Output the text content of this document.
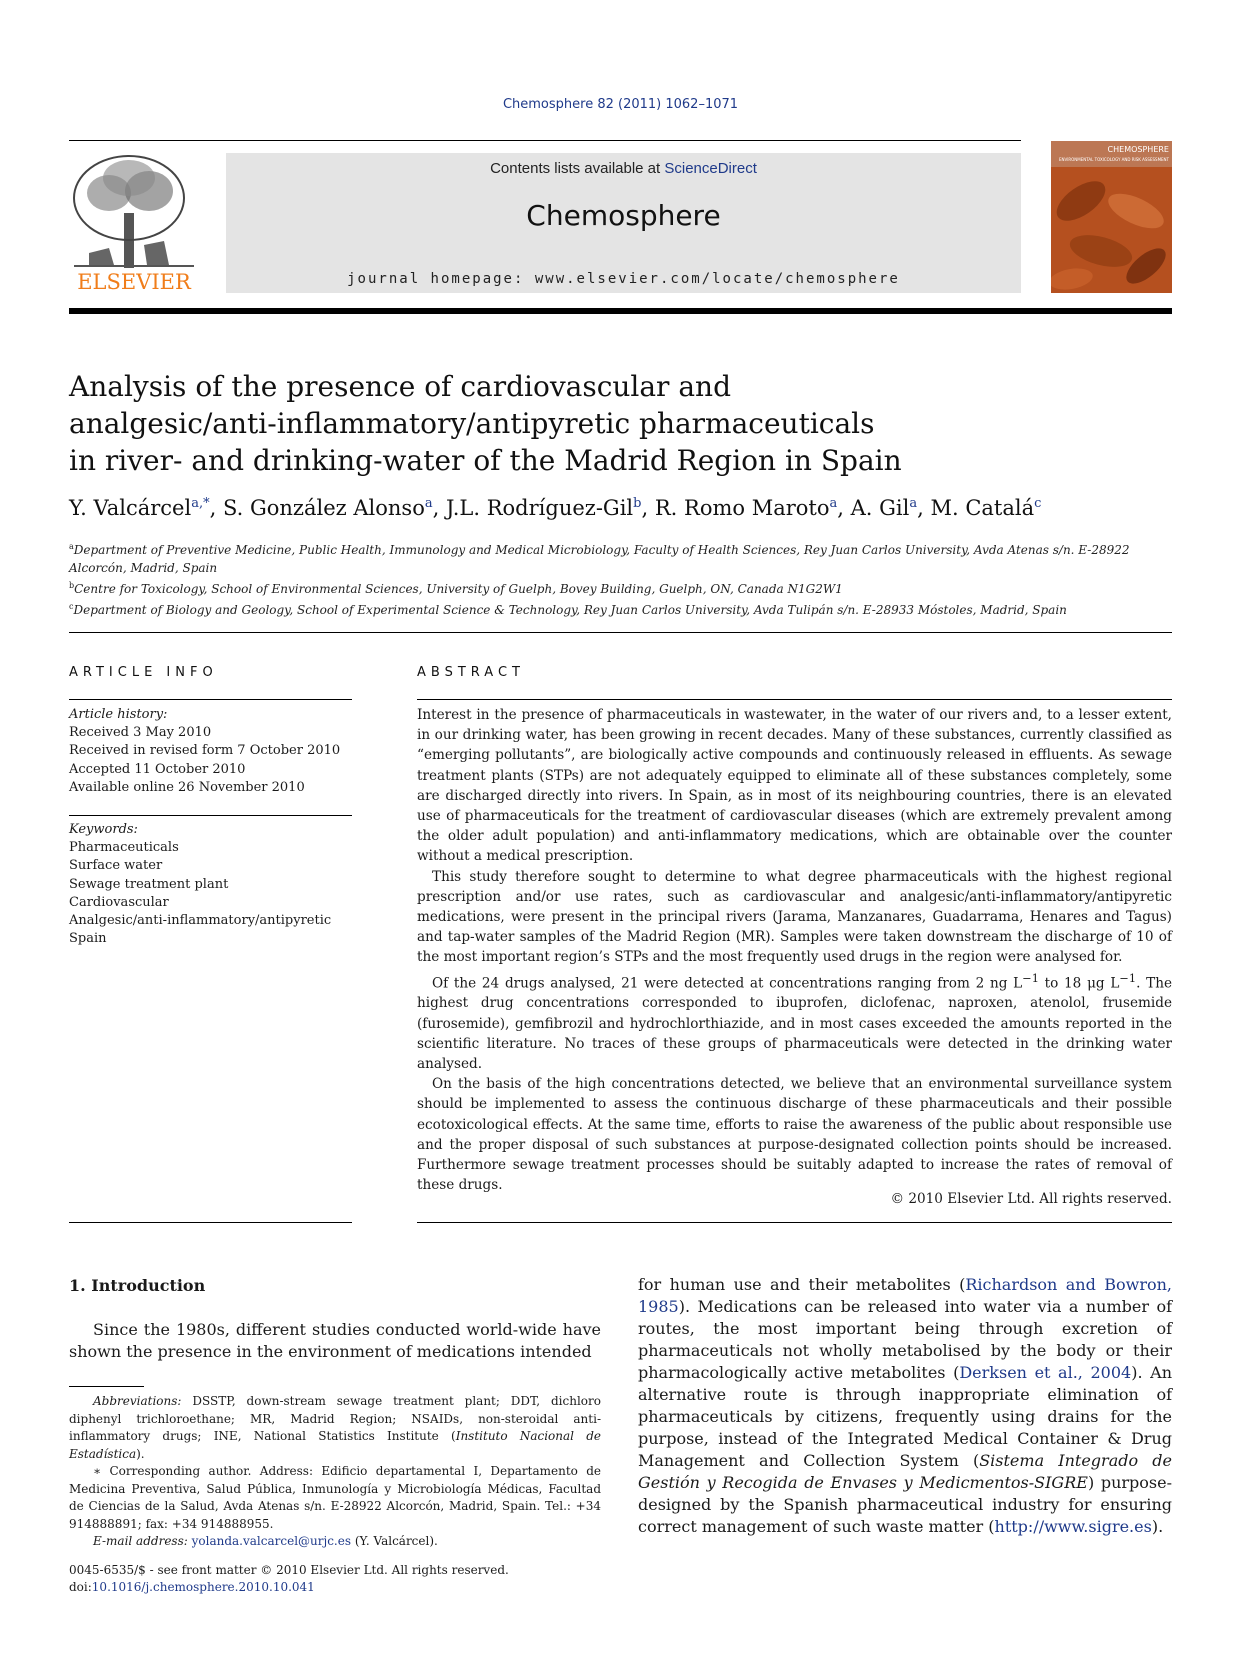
Chemosphere 82 (2011) 1062–1071
ELSEVIER
Contents lists available at ScienceDirect
Chemosphere
journal homepage: www.elsevier.com/locate/chemosphere
CHEMOSPHERE
ENVIRONMENTAL TOXICOLOGY AND RISK ASSESSMENT
Analysis of the presence of cardiovascular and
analgesic/anti-inflammatory/antipyretic pharmaceuticals
in river- and drinking-water of the Madrid Region in Spain
Y. Valcárcel$^{a,*}$, S. González Alonso$^a$, J.L. Rodríguez-Gil$^b$, R. Romo Maroto$^a$, A. Gil$^a$, M. Catalá$^c$
$^a$Department of Preventive Medicine, Public Health, Immunology and Medical Microbiology, Faculty of Health Sciences, Rey Juan Carlos University, Avda Atenas s/n. E-28922 Alcorcón, Madrid, Spain
$^b$Centre for Toxicology, School of Environmental Sciences, University of Guelph, Bovey Building, Guelph, ON, Canada N1G2W1
$^c$Department of Biology and Geology, School of Experimental Science & Technology, Rey Juan Carlos University, Avda Tulipán s/n. E-28933 Móstoles, Madrid, Spain
ARTICLE INFO
Article history:
Received 3 May 2010
Received in revised form 7 October 2010
Accepted 11 October 2010
Available online 26 November 2010
Keywords:
Pharmaceuticals
Surface water
Sewage treatment plant
Cardiovascular
Analgesic/anti-inflammatory/antipyretic
Spain
ABSTRACT

Interest in the presence of pharmaceuticals in wastewater, in the water of our rivers and, to a lesser extent, in our drinking water, has been growing in recent decades. Many of these substances, currently classified as “emerging pollutants”, are biologically active compounds and continuously released in effluents. As sewage treatment plants (STPs) are not adequately equipped to eliminate all of these substances completely, some are discharged directly into rivers. In Spain, as in most of its neighbouring countries, there is an elevated use of pharmaceuticals for the treatment of cardiovascular diseases (which are extremely prevalent among the older adult population) and anti-inflammatory medications, which are obtainable over the counter without a medical prescription.

This study therefore sought to determine to what degree pharmaceuticals with the highest regional prescription and/or use rates, such as cardiovascular and analgesic/anti-inflammatory/antipyretic medications, were present in the principal rivers (Jarama, Manzanares, Guadarrama, Henares and Tagus) and tap-water samples of the Madrid Region (MR). Samples were taken downstream the discharge of 10 of the most important region’s STPs and the most frequently used drugs in the region were analysed for.

Of the 24 drugs analysed, 21 were detected at concentrations ranging from 2 ng $L^{-1}$ to 18 μg $L^{-1}$. The highest drug concentrations corresponded to ibuprofen, diclofenac, naproxen, atenolol, frusemide (furosemide), gemfibrozil and hydrochlorthiazide, and in most cases exceeded the amounts reported in the scientific literature. No traces of these groups of pharmaceuticals were detected in the drinking water analysed.

On the basis of the high concentrations detected, we believe that an environmental surveillance system should be implemented to assess the continuous discharge of these pharmaceuticals and their possible ecotoxicological effects. At the same time, efforts to raise the awareness of the public about responsible use and the proper disposal of such substances at purpose-designated collection points should be increased. Furthermore sewage treatment processes should be suitably adapted to increase the rates of removal of these drugs.

© 2010 Elsevier Ltd. All rights reserved.
1. Introduction
Since the 1980s, different studies conducted world-wide have shown the presence in the environment of medications intended

Abbreviations: DSSTP, down-stream sewage treatment plant; DDT, dichloro diphenyl trichloroethane; MR, Madrid Region; NSAIDs, non-steroidal anti-inflammatory drugs; INE, National Statistics Institute (Instituto Nacional de Estadística).

∗ Corresponding author. Address: Edificio departamental I, Departamento de Medicina Preventiva, Salud Pública, Inmunología y Microbiología Médicas, Facultad de Ciencias de la Salud, Avda Atenas s/n. E-28922 Alcorcón, Madrid, Spain. Tel.: +34 914888891; fax: +34 914888955.

E-mail address: yolanda.valcarcel@urjc.es (Y. Valcárcel).

0045-6535/$ - see front matter © 2010 Elsevier Ltd. All rights reserved.
doi:10.1016/j.chemosphere.2010.10.041
for human use and their metabolites (Richardson and Bowron, 1985). Medications can be released into water via a number of routes, the most important being through excretion of pharmaceuticals not wholly metabolised by the body or their pharmacologically active metabolites (Derksen et al., 2004). An alternative route is through inappropriate elimination of pharmaceuticals by citizens, frequently using drains for the purpose, instead of the Integrated Medical Container & Drug Management and Collection System (Sistema Integrado de Gestión y Recogida de Envases y Medicmentos-SIGRE) purpose-designed by the Spanish pharmaceutical industry for ensuring correct management of such waste matter (http://www.sigre.es).
